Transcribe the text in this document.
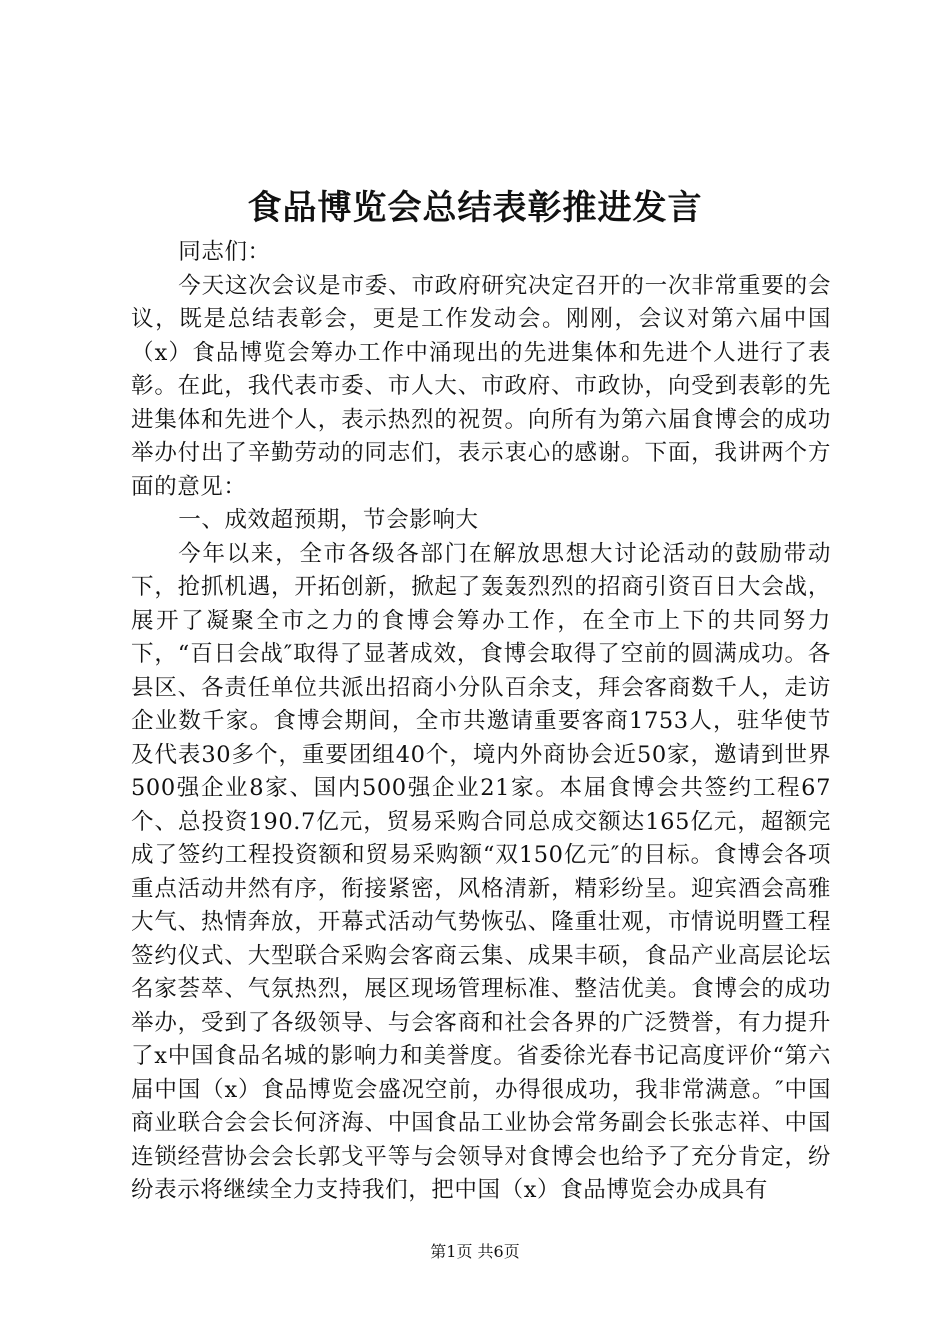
食品博览会总结表彰推进发言

同志们：

今天这次会议是市委、市政府研究决定召开的一次非常重要的会议，既是总结表彰会，更是工作发动会。刚刚，会议对第六届中国（x）食品博览会筹办工作中涌现出的先进集体和先进个人进行了表彰。在此，我代表市委、市人大、市政府、市政协，向受到表彰的先进集体和先进个人，表示热烈的祝贺。向所有为第六届食博会的成功举办付出了辛勤劳动的同志们，表示衷心的感谢。下面，我讲两个方面的意见：

一、成效超预期，节会影响大

今年以来，全市各级各部门在解放思想大讨论活动的鼓励带动下，抢抓机遇，开拓创新，掀起了轰轰烈烈的招商引资百日大会战，展开了凝聚全市之力的食博会筹办工作，在全市上下的共同努力下，“百日会战″取得了显著成效，食博会取得了空前的圆满成功。各县区、各责任单位共派出招商小分队百余支，拜会客商数千人，走访企业数千家。食博会期间，全市共邀请重要客商1753人，驻华使节及代表30多个，重要团组40个，境内外商协会近50家，邀请到世界500强企业8家、国内500强企业21家。本届食博会共签约工程67个、总投资190.7亿元，贸易采购合同总成交额达165亿元，超额完成了签约工程投资额和贸易采购额“双150亿元″的目标。食博会各项重点活动井然有序，衔接紧密，风格清新，精彩纷呈。迎宾酒会高雅大气、热情奔放，开幕式活动气势恢弘、隆重壮观，市情说明暨工程签约仪式、大型联合采购会客商云集、成果丰硕，食品产业高层论坛名家荟萃、气氛热烈，展区现场管理标准、整洁优美。食博会的成功举办，受到了各级领导、与会客商和社会各界的广泛赞誉，有力提升了x中国食品名城的影响力和美誉度。省委徐光春书记高度评价“第六届中国（x）食品博览会盛况空前，办得很成功，我非常满意。″中国商业联合会会长何济海、中国食品工业协会常务副会长张志祥、中国连锁经营协会会长郭戈平等与会领导对食博会也给予了充分肯定，纷纷表示将继续全力支持我们，把中国（x）食品博览会办成具有

第1页 共6页
